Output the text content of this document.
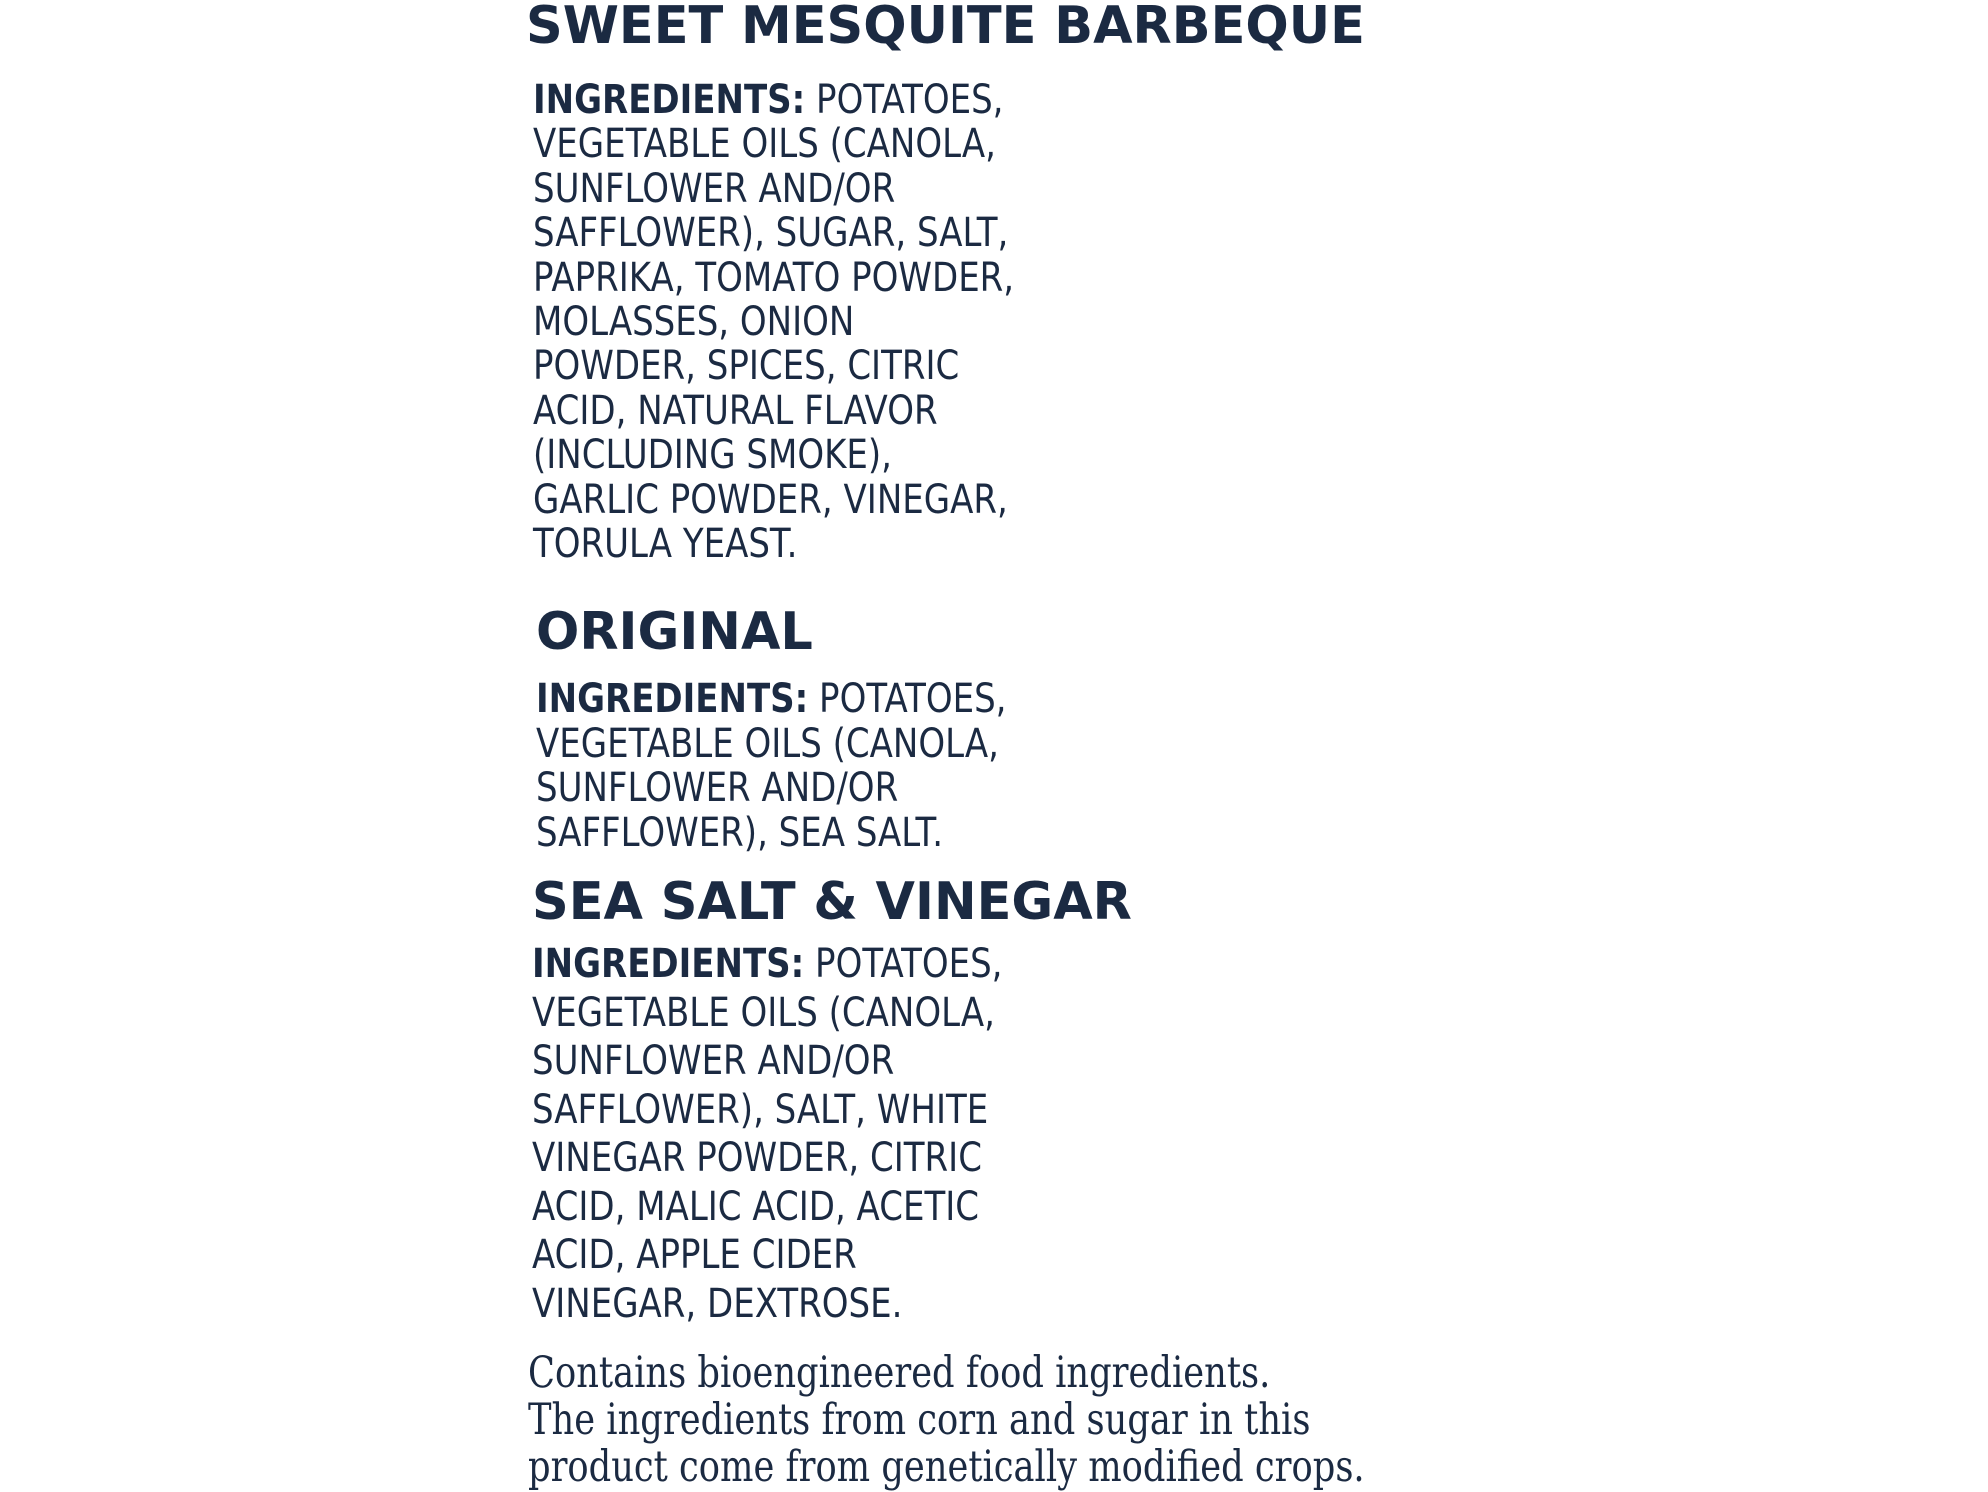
SWEET MESQUITE BARBEQUE
INGREDIENTS: POTATOES,
VEGETABLE OILS (CANOLA,
SUNFLOWER AND/OR
SAFFLOWER), SUGAR, SALT,
PAPRIKA, TOMATO POWDER,
MOLASSES, ONION
POWDER, SPICES, CITRIC
ACID, NATURAL FLAVOR
(INCLUDING SMOKE),
GARLIC POWDER, VINEGAR,
TORULA YEAST.
ORIGINAL
INGREDIENTS: POTATOES,
VEGETABLE OILS (CANOLA,
SUNFLOWER AND/OR
SAFFLOWER), SEA SALT.
SEA SALT & VINEGAR
INGREDIENTS: POTATOES,
VEGETABLE OILS (CANOLA,
SUNFLOWER AND/OR
SAFFLOWER), SALT, WHITE
VINEGAR POWDER, CITRIC
ACID, MALIC ACID, ACETIC
ACID, APPLE CIDER
VINEGAR, DEXTROSE.
Contains bioengineered food ingredients.
The ingredients from corn and sugar in this
product come from genetically modified crops.
